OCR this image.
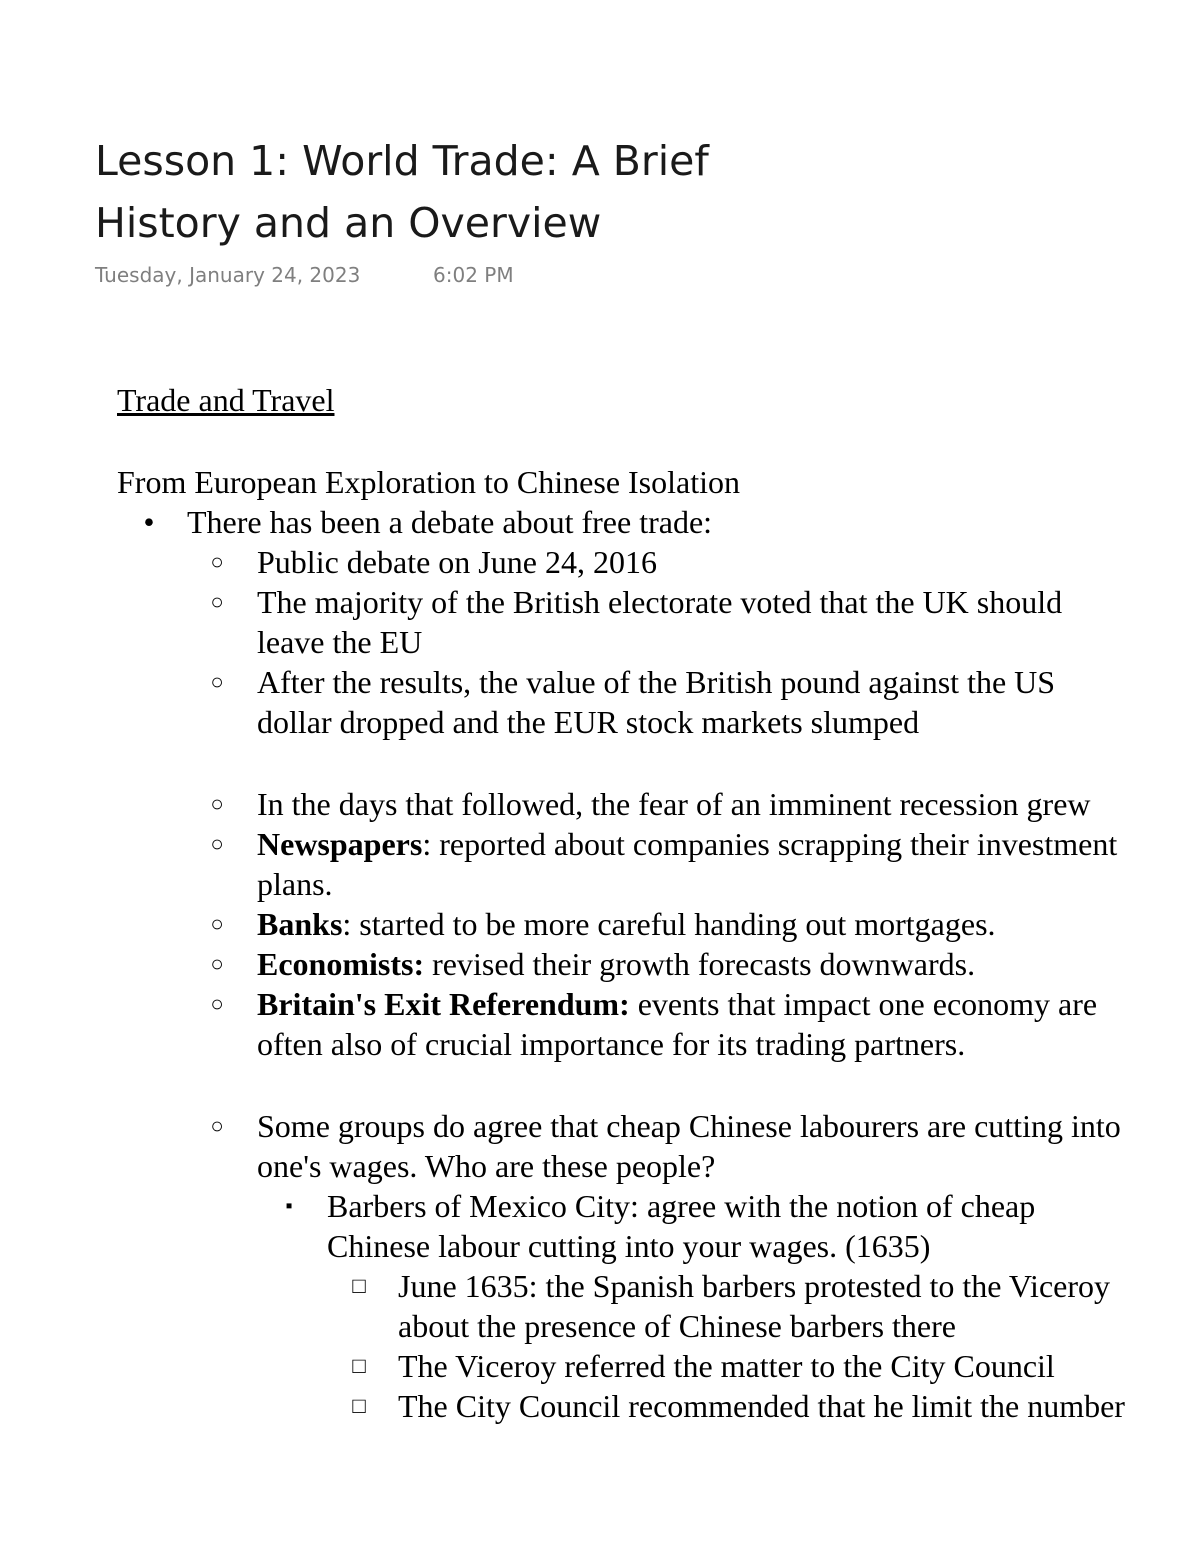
Lesson 1: World Trade: A Brief History and an Overview
Tuesday, January 24, 2023	6:02 PM
Trade and Travel
From European Exploration to Chinese Isolation
• There has been a debate about free trade:
○ Public debate on June 24, 2016
○ The majority of the British electorate voted that the UK should
leave the EU
○ After the results, the value of the British pound against the US
dollar dropped and the EUR stock markets slumped
○ In the days that followed, the fear of an imminent recession grew
○ Newspapers: reported about companies scrapping their investment
plans.
○ Banks: started to be more careful handing out mortgages.
○ Economists: revised their growth forecasts downwards.
○ Britain's Exit Referendum: events that impact one economy are
often also of crucial importance for its trading partners.
○ Some groups do agree that cheap Chinese labourers are cutting into
one's wages. Who are these people?
▪ Barbers of Mexico City: agree with the notion of cheap
Chinese labour cutting into your wages. (1635)
□ June 1635: the Spanish barbers protested to the Viceroy
about the presence of Chinese barbers there
□ The Viceroy referred the matter to the City Council
□ The City Council recommended that he limit the number
